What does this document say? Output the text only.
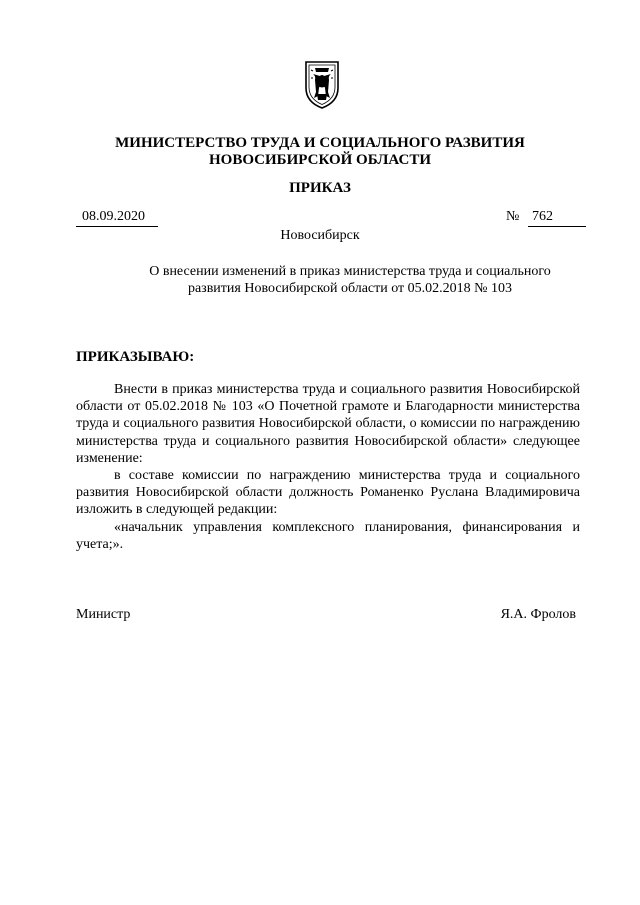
МИНИСТЕРСТВО ТРУДА И СОЦИАЛЬНОГО РАЗВИТИЯ
НОВОСИБИРСКОЙ ОБЛАСТИ
ПРИКАЗ
08.09.2020	№ 762
Новосибирск
О внесении изменений в приказ министерства труда и социального
развития Новосибирской области от 05.02.2018 № 103
ПРИКАЗЫВАЮ:

Внести в приказ министерства труда и социального развития Новосибирской области от 05.02.2018 № 103 «О Почетной грамоте и Благодарности министерства труда и социального развития Новосибирской области, о комиссии по награждению министерства труда и социального развития Новосибирской области» следующее изменение:

в составе комиссии по награждению министерства труда и социального развития Новосибирской области должность Романенко Руслана Владимировича изложить в следующей редакции:

«начальник управления комплексного планирования, финансирования и учета;».

Министр	Я.А. Фролов
